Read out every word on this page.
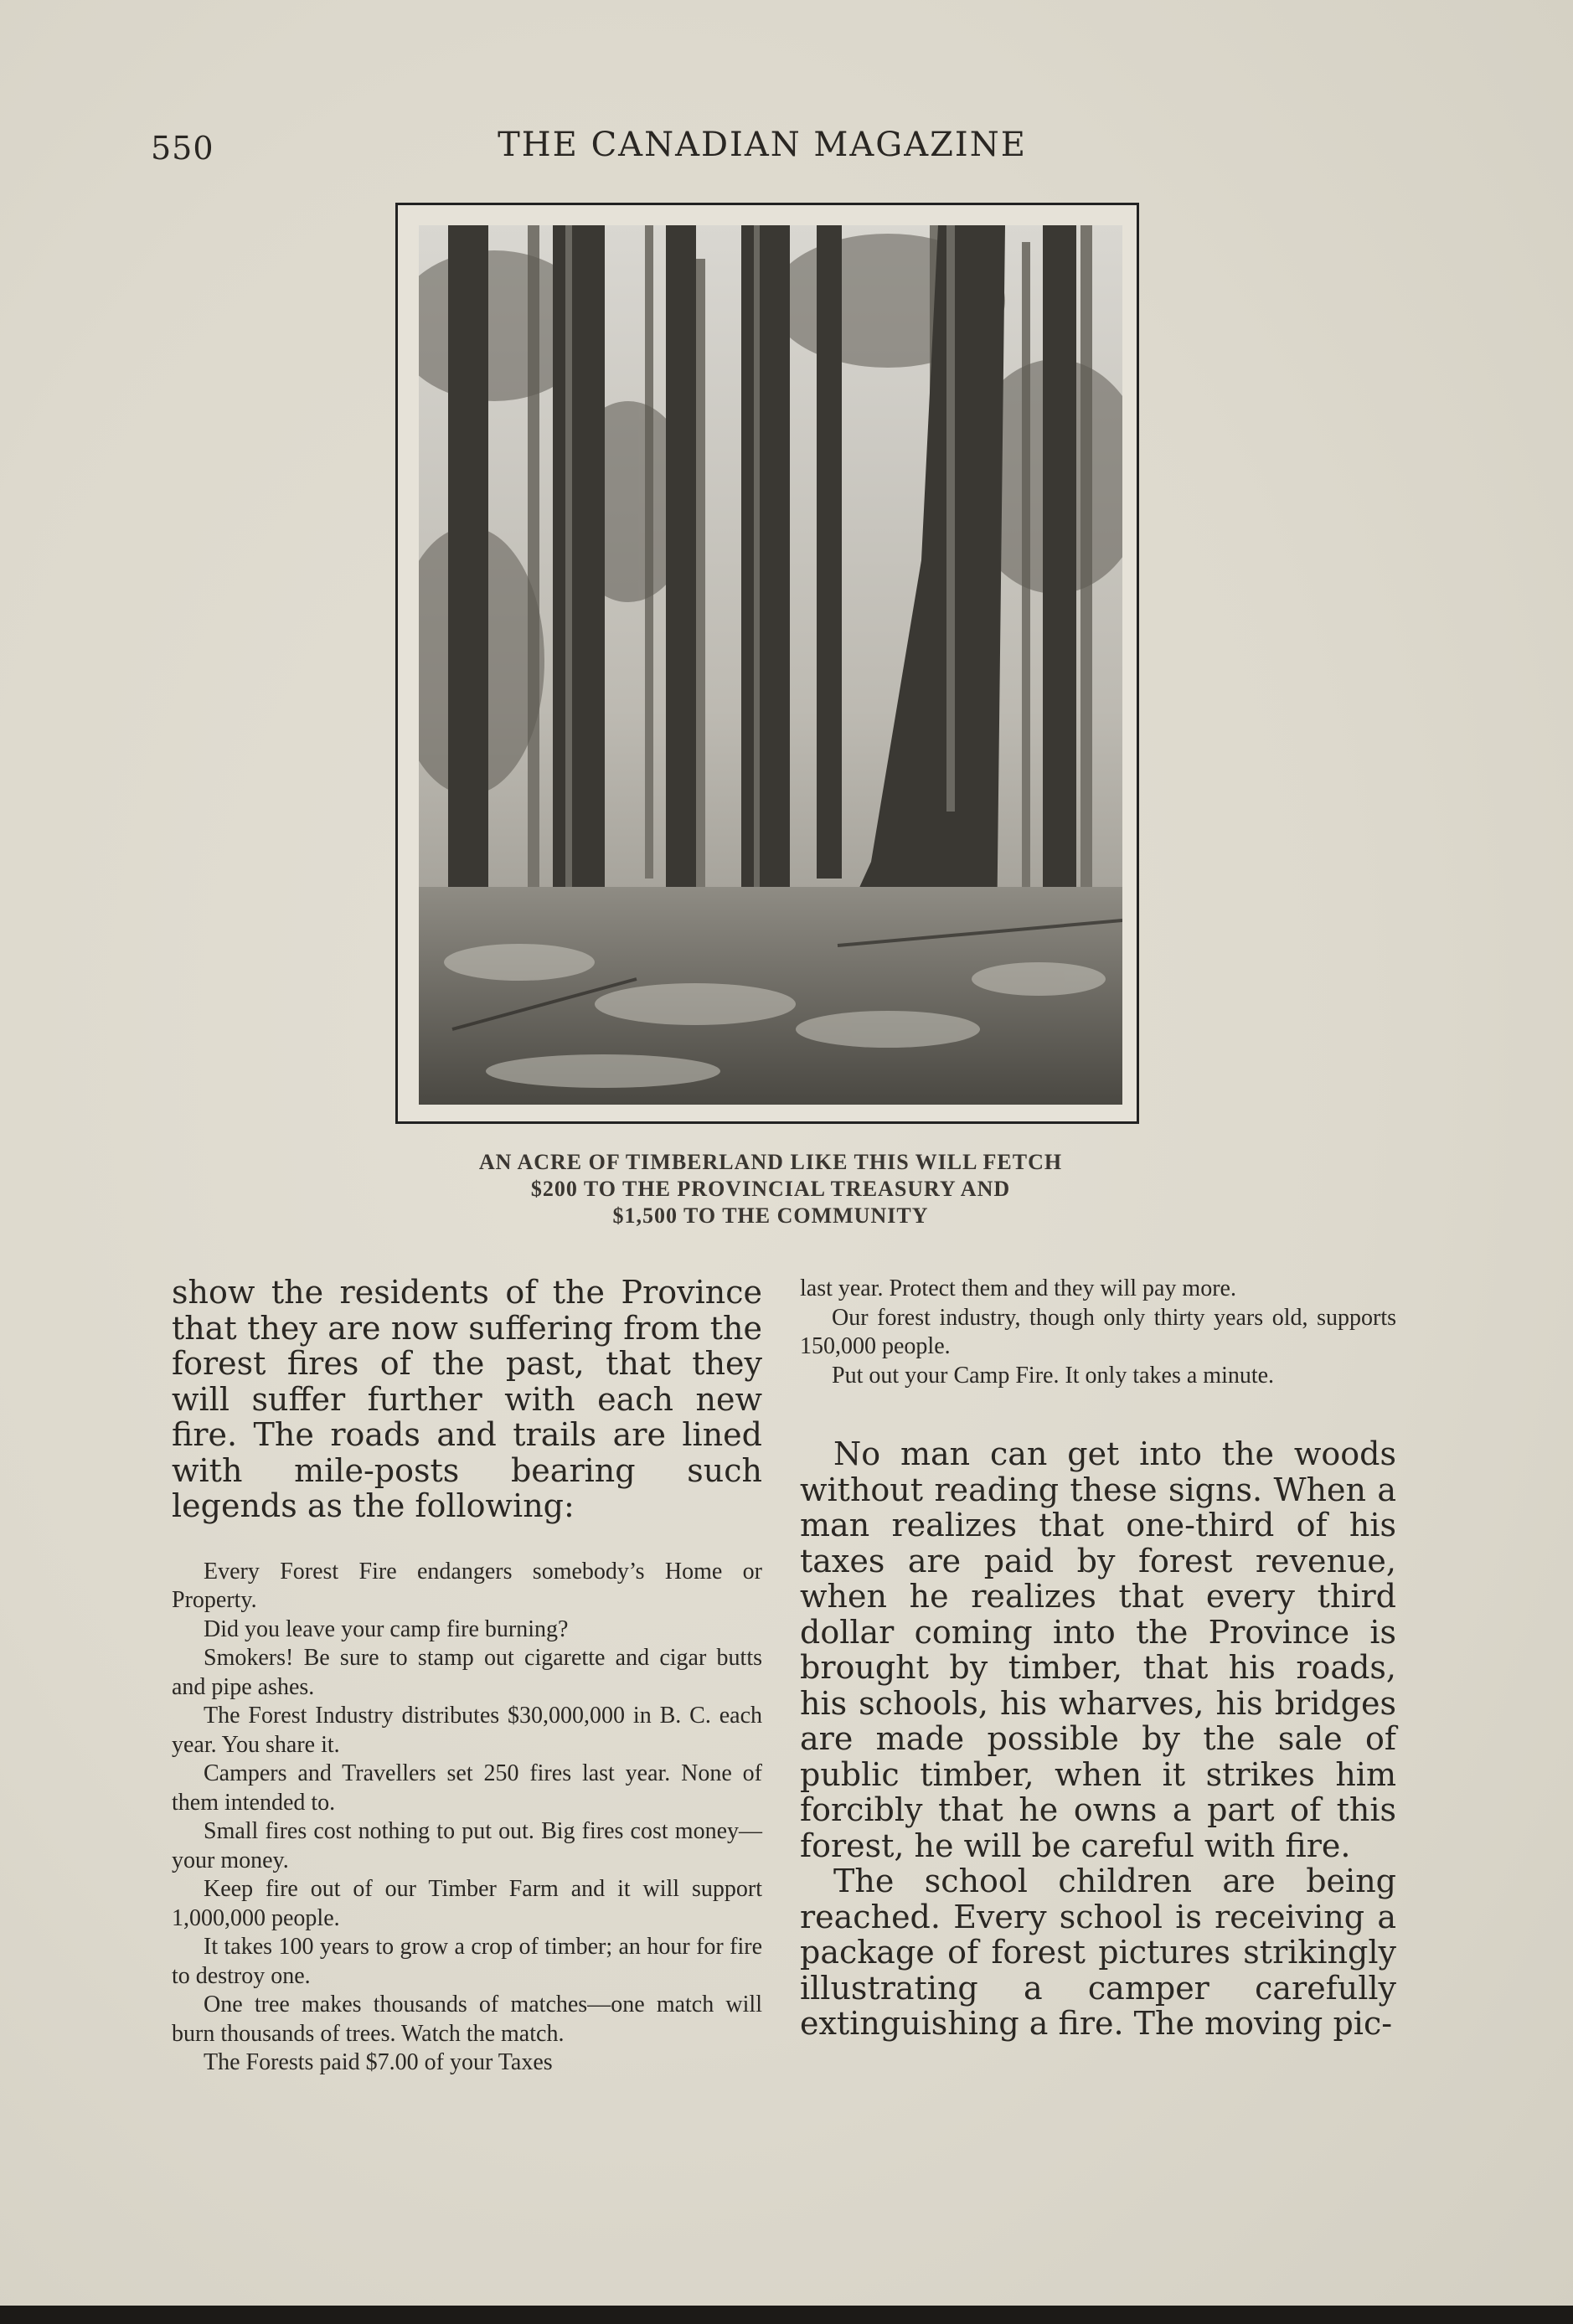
550	THE CANADIAN MAGAZINE
AN ACRE OF TIMBERLAND LIKE THIS WILL FETCH
$200 TO THE PROVINCIAL TREASURY AND
$1,500 TO THE COMMUNITY

show the residents of the Province that they are now suffering from the forest fires of the past, that they will suffer further with each new fire. The roads and trails are lined with mile-posts bearing such legends as the following:

Every Forest Fire endangers somebody’s Home or Property.

Did you leave your camp fire burning?

Smokers! Be sure to stamp out cigarette and cigar butts and pipe ashes.

The Forest Industry distributes $30,000,000 in B. C. each year. You share it.

Campers and Travellers set 250 fires last year. None of them intended to.

Small fires cost nothing to put out. Big fires cost money—your money.

Keep fire out of our Timber Farm and it will support 1,000,000 people.

It takes 100 years to grow a crop of timber; an hour for fire to destroy one.

One tree makes thousands of matches—one match will burn thousands of trees. Watch the match.

The Forests paid $7.00 of your Taxes

last year. Protect them and they will pay more.

Our forest industry, though only thirty years old, supports 150,000 people.

Put out your Camp Fire. It only takes a minute.

No man can get into the woods without reading these signs. When a man realizes that one-third of his taxes are paid by forest revenue, when he realizes that every third dollar coming into the Province is brought by timber, that his roads, his schools, his wharves, his bridges are made possible by the sale of public timber, when it strikes him forcibly that he owns a part of this forest, he will be careful with fire.

The school children are being reached. Every school is receiving a package of forest pictures strikingly illustrating a camper carefully extinguishing a fire. The moving pic-
